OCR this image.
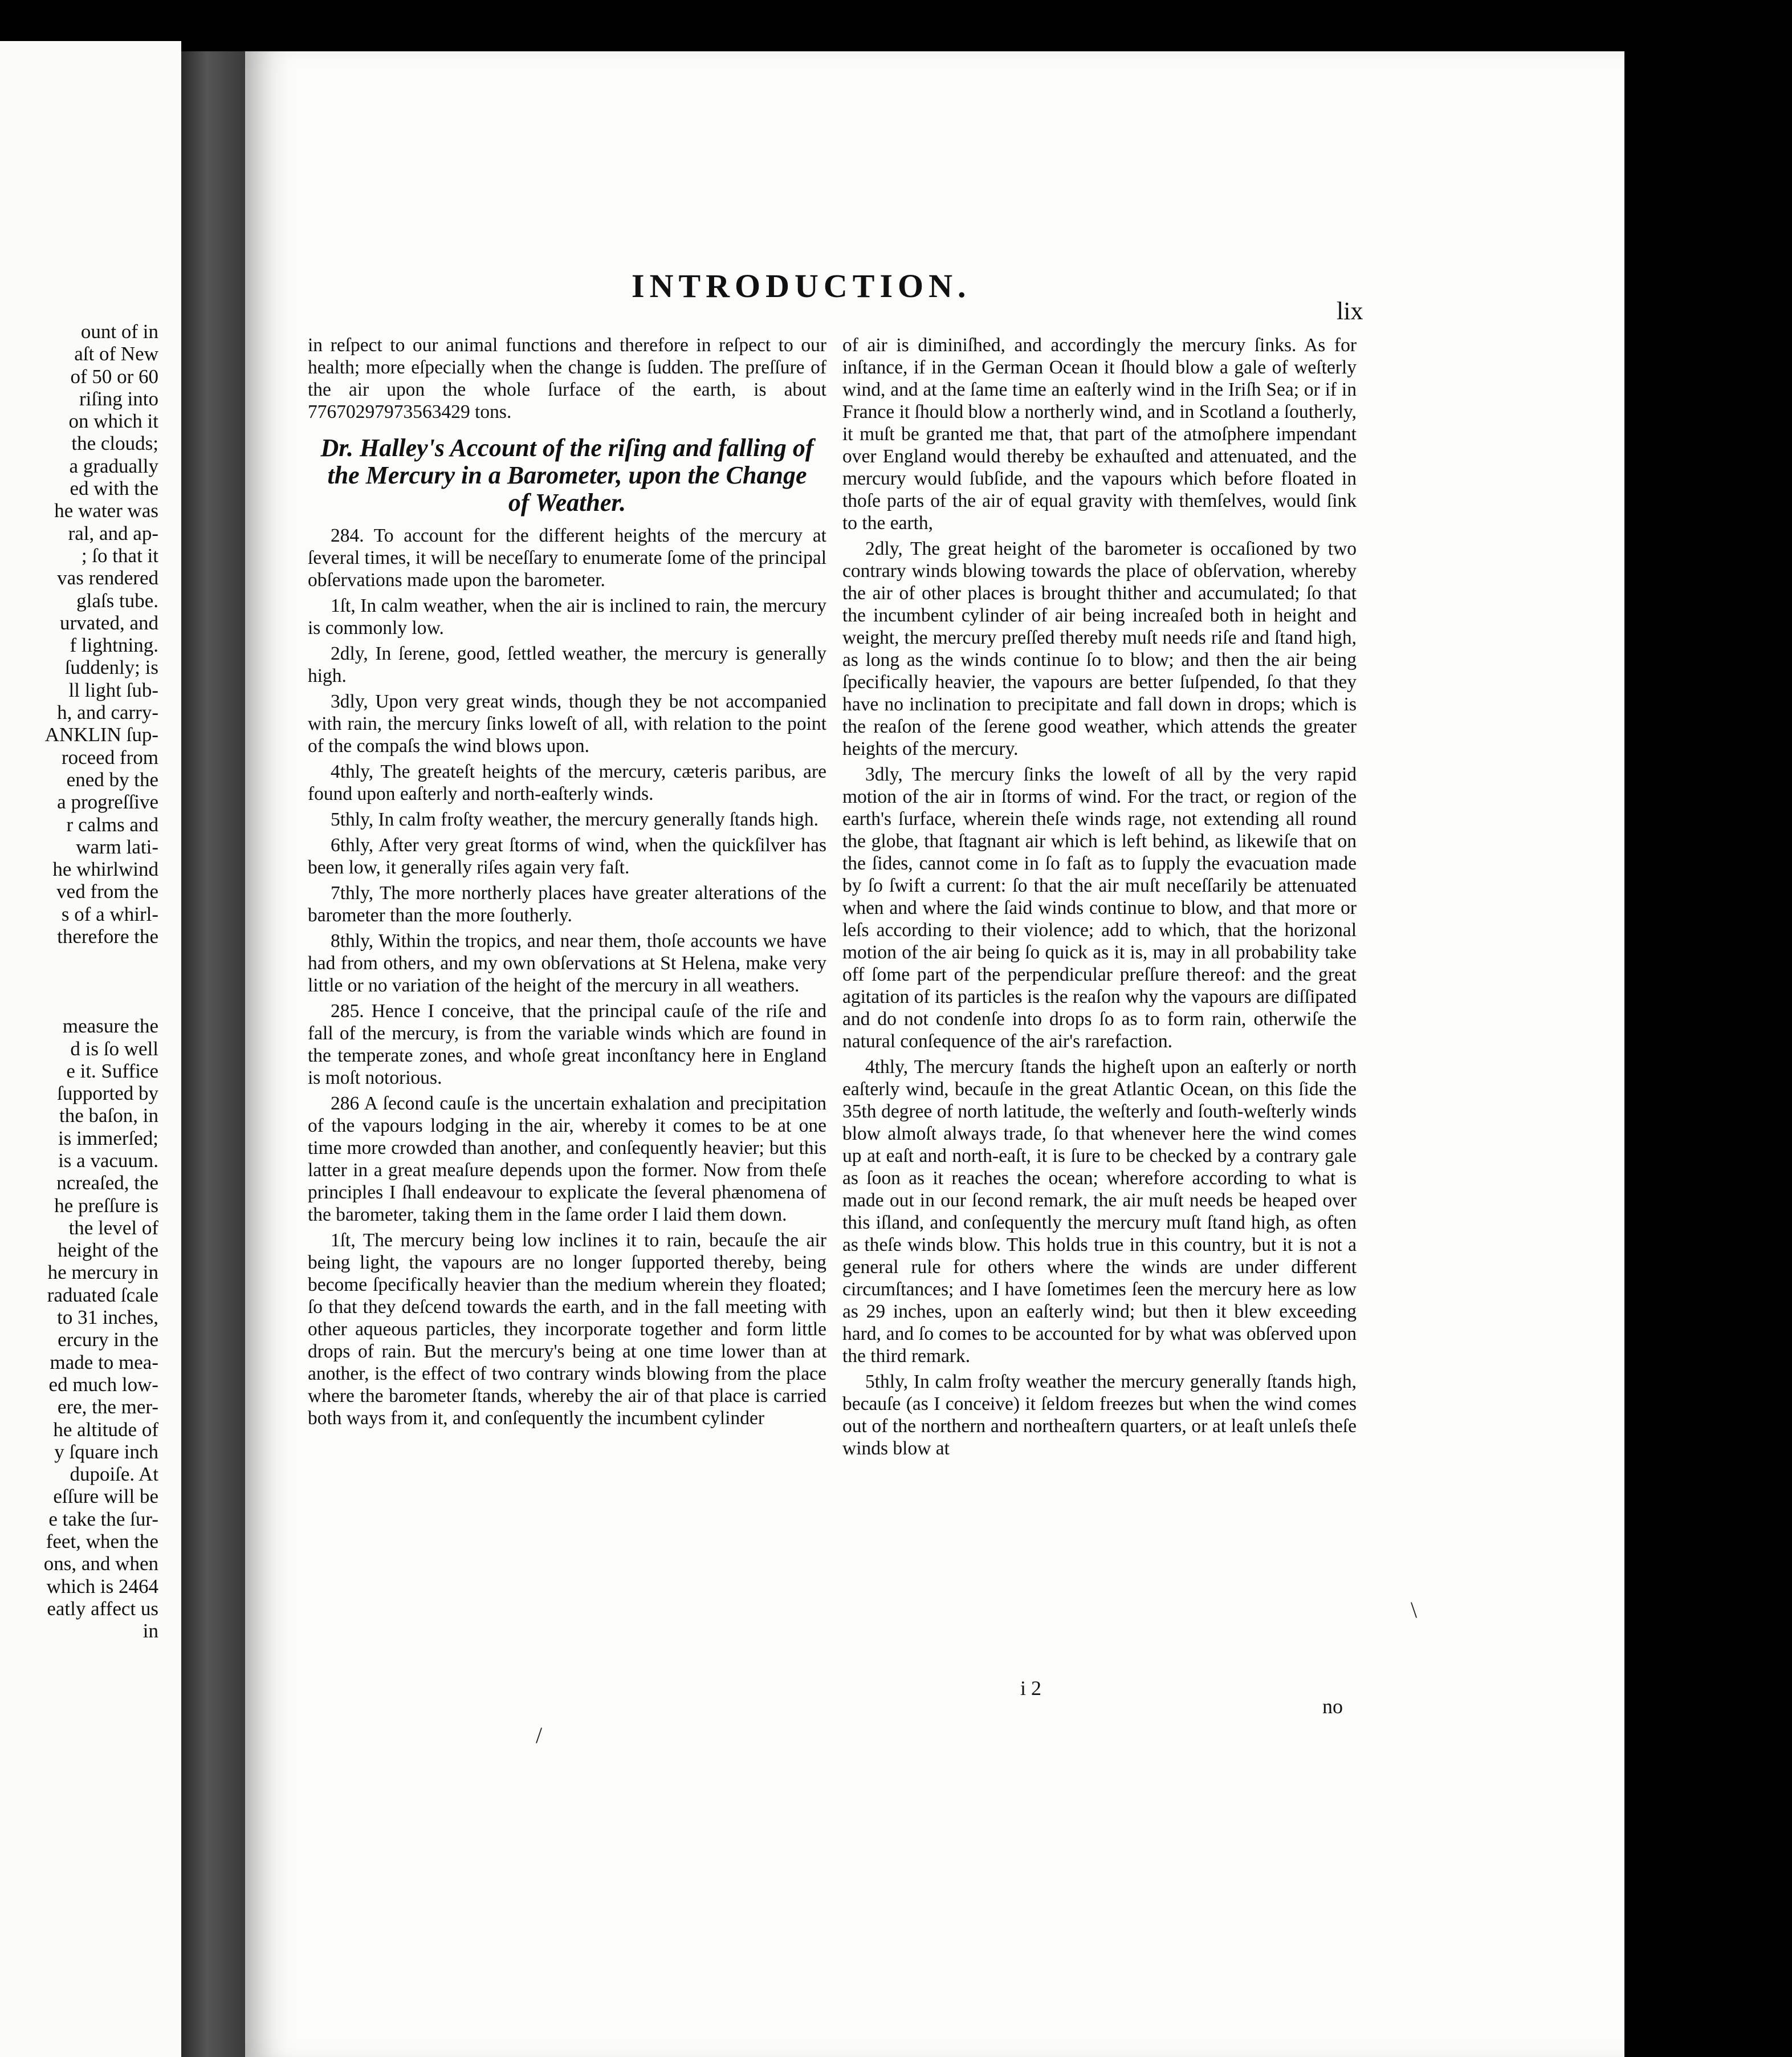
ount of in
aſt of New
of 50 or 60
riſing into
on which it
the clouds;
a gradually
ed with the
he water was
ral, and ap-
; ſo that it
vas rendered
glaſs tube.
urvated, and
f lightning.
ſuddenly; is
ll light ſub-
h, and carry-
ANKLIN ſup-
roceed from
ened by the
a progreſſive
r calms and
warm lati-
he whirlwind
ved from the
s of a whirl-
therefore the

measure the
d is ſo well
e it. Suffice
ſupported by
the baſon, in
is immerſed;
is a vacuum.
ncreaſed, the
he preſſure is
the level of
height of the
he mercury in
raduated ſcale
to 31 inches,
ercury in the
made to mea-
ed much low-
ere, the mer-
he altitude of
y ſquare inch
dupoiſe. At
eſſure will be
e take the ſur-
feet, when the
ons, and when
which is 2464
eatly affect us
in
INTRODUCTION.
lix

in reſpect to our animal functions and therefore in reſpect to our health; more eſpecially when the change is ſudden. The preſſure of the air upon the whole ſurface of the earth, is about 77670297973563429 tons.

Dr. Halley's Account of the riſing and falling of the Mercury in a Barometer, upon the Change of Weather.

284. To account for the different heights of the mercury at ſeveral times, it will be neceſſary to enumerate ſome of the principal obſervations made upon the barometer.

1ſt, In calm weather, when the air is inclined to rain, the mercury is commonly low.

2dly, In ſerene, good, ſettled weather, the mercury is generally high.

3dly, Upon very great winds, though they be not accompanied with rain, the mercury ſinks loweſt of all, with relation to the point of the compaſs the wind blows upon.

4thly, The greateſt heights of the mercury, cæteris paribus, are found upon eaſterly and north-eaſterly winds.

5thly, In calm froſty weather, the mercury generally ſtands high.

6thly, After very great ſtorms of wind, when the quickſilver has been low, it generally riſes again very faſt.

7thly, The more northerly places have greater alterations of the barometer than the more ſoutherly.

8thly, Within the tropics, and near them, thoſe accounts we have had from others, and my own obſervations at St Helena, make very little or no variation of the height of the mercury in all weathers.

285. Hence I conceive, that the principal cauſe of the riſe and fall of the mercury, is from the variable winds which are found in the temperate zones, and whoſe great inconſtancy here in England is moſt notorious.

286 A ſecond cauſe is the uncertain exhalation and precipitation of the vapours lodging in the air, whereby it comes to be at one time more crowded than another, and conſequently heavier; but this latter in a great meaſure depends upon the former. Now from theſe principles I ſhall endeavour to explicate the ſeveral phænomena of the barometer, taking them in the ſame order I laid them down.

1ſt, The mercury being low inclines it to rain, becauſe the air being light, the vapours are no longer ſupported thereby, being become ſpecifically heavier than the medium wherein they floated; ſo that they deſcend towards the earth, and in the fall meeting with other aqueous particles, they incorporate together and form little drops of rain. But the mercury's being at one time lower than at another, is the effect of two contrary winds blowing from the place where the barometer ſtands, whereby the air of that place is carried both ways from it, and conſequently the incumbent cylinder

of air is diminiſhed, and accordingly the mercury ſinks. As for inſtance, if in the German Ocean it ſhould blow a gale of weſterly wind, and at the ſame time an eaſterly wind in the Iriſh Sea; or if in France it ſhould blow a northerly wind, and in Scotland a ſoutherly, it muſt be granted me that, that part of the atmoſphere impendant over England would thereby be exhauſted and attenuated, and the mercury would ſubſide, and the vapours which before floated in thoſe parts of the air of equal gravity with themſelves, would ſink to the earth,

2dly, The great height of the barometer is occaſioned by two contrary winds blowing towards the place of obſervation, whereby the air of other places is brought thither and accumulated; ſo that the incumbent cylinder of air being increaſed both in height and weight, the mercury preſſed thereby muſt needs riſe and ſtand high, as long as the winds continue ſo to blow; and then the air being ſpecifically heavier, the vapours are better ſuſpended, ſo that they have no inclination to precipitate and fall down in drops; which is the reaſon of the ſerene good weather, which attends the greater heights of the mercury.

3dly, The mercury ſinks the loweſt of all by the very rapid motion of the air in ſtorms of wind. For the tract, or region of the earth's ſurface, wherein theſe winds rage, not extending all round the globe, that ſtagnant air which is left behind, as likewiſe that on the ſides, cannot come in ſo faſt as to ſupply the evacuation made by ſo ſwift a current: ſo that the air muſt neceſſarily be attenuated when and where the ſaid winds continue to blow, and that more or leſs according to their violence; add to which, that the horizonal motion of the air being ſo quick as it is, may in all probability take off ſome part of the perpendicular preſſure thereof: and the great agitation of its particles is the reaſon why the vapours are diſſipated and do not condenſe into drops ſo as to form rain, otherwiſe the natural conſequence of the air's rarefaction.

4thly, The mercury ſtands the higheſt upon an eaſterly or north eaſterly wind, becauſe in the great Atlantic Ocean, on this ſide the 35th degree of north latitude, the weſterly and ſouth-weſterly winds blow almoſt always trade, ſo that whenever here the wind comes up at eaſt and north-eaſt, it is ſure to be checked by a contrary gale as ſoon as it reaches the ocean; wherefore according to what is made out in our ſecond remark, the air muſt needs be heaped over this iſland, and conſequently the mercury muſt ſtand high, as often as theſe winds blow. This holds true in this country, but it is not a general rule for others where the winds are under different circumſtances; and I have ſometimes ſeen the mercury here as low as 29 inches, upon an eaſterly wind; but then it blew exceeding hard, and ſo comes to be accounted for by what was obſerved upon the third remark.

5thly, In calm froſty weather the mercury generally ſtands high, becauſe (as I conceive) it ſeldom freezes but when the wind comes out of the northern and northeaſtern quarters, or at leaſt unleſs theſe winds blow at

i 2
no
/
\
